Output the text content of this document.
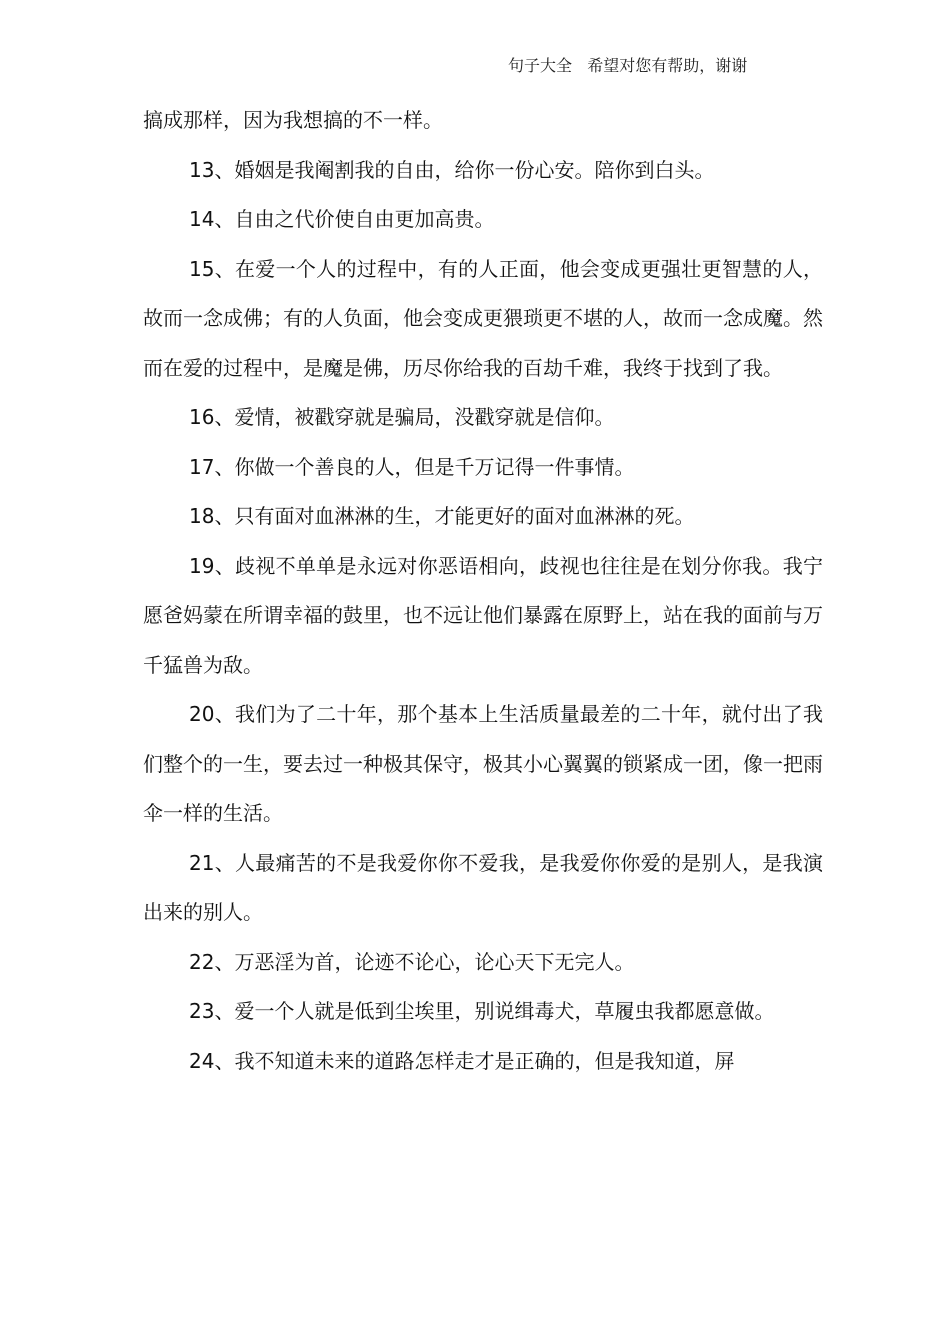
句子大全   希望对您有帮助，谢谢

搞成那样，因为我想搞的不一样。

13、婚姻是我阉割我的自由，给你一份心安。陪你到白头。

14、自由之代价使自由更加高贵。

15、在爱一个人的过程中，有的人正面，他会变成更强壮更智慧的人，故而一念成佛；有的人负面，他会变成更猥琐更不堪的人，故而一念成魔。然而在爱的过程中，是魔是佛，历尽你给我的百劫千难，我终于找到了我。

16、爱情，被戳穿就是骗局，没戳穿就是信仰。

17、你做一个善良的人，但是千万记得一件事情。

18、只有面对血淋淋的生，才能更好的面对血淋淋的死。

19、歧视不单单是永远对你恶语相向，歧视也往往是在划分你我。我宁愿爸妈蒙在所谓幸福的鼓里，也不远让他们暴露在原野上，站在我的面前与万千猛兽为敌。

20、我们为了二十年，那个基本上生活质量最差的二十年，就付出了我们整个的一生，要去过一种极其保守，极其小心翼翼的锁紧成一团，像一把雨伞一样的生活。

21、人最痛苦的不是我爱你你不爱我，是我爱你你爱的是别人，是我演出来的别人。

22、万恶淫为首，论迹不论心，论心天下无完人。

23、爱一个人就是低到尘埃里，别说缉毒犬，草履虫我都愿意做。

24、我不知道未来的道路怎样走才是正确的，但是我知道，屏
